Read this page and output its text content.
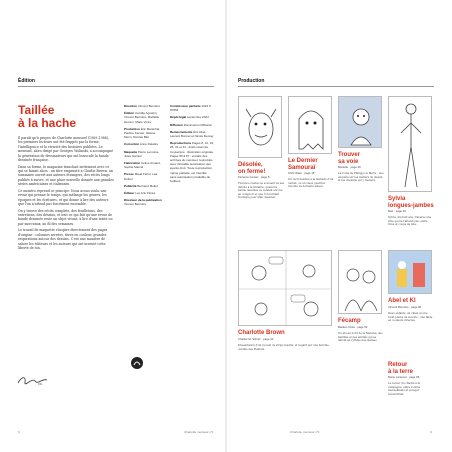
Édition
Taillée
à la hache

Il paraît qu'à propos de Charlotte mensuel (1969–1986), les premiers lecteurs ont été frappés par la forme, l'intelligence et la vivacité des histoires publiées. Le mensuel, alors dirigé par Georges Wolinski, a accompagné la génération de dessinateurs qui ont bousculé la bande dessinée française.

Dans sa forme, le magazine tranchait nettement avec ce qui se faisait alors : un titre emprunté à Charlie Brown, un sommaire ouvert aux auteurs étrangers, des récits longs publiés à suivre, et une place nouvelle donnée aux grandes séries américaines et italiennes.

Ce numéro reprend ce principe. Nous avons voulu une revue qui prenne le temps, qui mélange les genres, les époques et les écritures, et qui donne à lire des auteurs que l'on n'attend pas forcément ensemble.

On y trouve des récits complets, des feuilletons, des entretiens, des dessins, et tout ce qui fait qu'une revue de bande dessinée reste un objet vivant, à lire d'une traite ou par morceaux, au fil des semaines.

Le travail de maquette s'inspire directement des pages d'origine : colonnes serrées, titres en couleur, grandes respirations autour des dessins. C'est une manière de saluer les éditeurs et les auteurs qui ont inventé cette liberté de ton.

Ch.
Direction Vincent Bernière
Édition Camille Agostini, Vincent Bernière, Mathilde Hémon, Marie Vives
Production Éric Maréchal, Pauline Kersac, Hélène Morin, Nicolas Blot
Correction Anne Delattre
Maquette Pierre Lemoine, Jules Garnier
Fabrication Céline Arnaud, Sophie Marcel
Presse Maud Fériel, Léa Dufour
Publicité Bertrand Mollet
Éditeur Les Arts Florès
Directeur de la publication Vincent Bernière
Commission paritaire 1024 K 87654
Dépôt légal septembre 2024
Diffusion Flammarion Diffusion
Remerciements Éric Abel, Laurent Bonnet et Nicole Demay
Reproductions Pages 8, 12, 19, 25, 31 et 44 : droits réservés. Couverture : illustration originale. Pages 60 à 67 : extraits des archives du mensuel, reproduits avec l'aimable autorisation des ayants droit. Toute reproduction, même partielle, est interdite sans autorisation préalable de l'éditeur.
6	Charlotte mensuel n°1
Production
Désolée,
on ferme!
Florence Cestac · page 8
Florence Cestac se souvient de ses débuts à la librairie, quand la bande dessinée se vendait encore au comptoir et que l'on fermait boutique pour aller dessiner.
Le Dernier
Samouraï
Chris Ware · page 18
Un récit dessiné à la manière d'un carnet, où un vieux guerrier raconte sa dernière saison.
Trouver
sa voie
Mariette · page 26
La route de Philippe le Berre : une enquête sur les métiers du dessin et les chemins qui y mènent.
Sylvia
longues-jambes
Max · page 34
Sylvia, dix-huit ans, traverse une ville qui ne l'attend pas, entre rires et coups de tête.
Charlotte Brown
Charles M. Schulz · page 42
Présentation d'un recueil de strips inédits, et regard sur une héroïne oubliée des Peanuts.
Fécamp
Bastien Vivès · page 52
Un été au bord de la Manche, des familles et des amitiés qui se défont au rythme des marées.
Abel et Kl
Vincent Bernière · page 60
Deux enfants, un chien et une forêt pleine de secrets : une fable en couleurs directes.
Retour
à la terre
Manu Larcenet · page 68
Le retour du citadin à la campagne, entre voisins bienveillants et potager récalcitrant.
Charlotte mensuel n°1	9
